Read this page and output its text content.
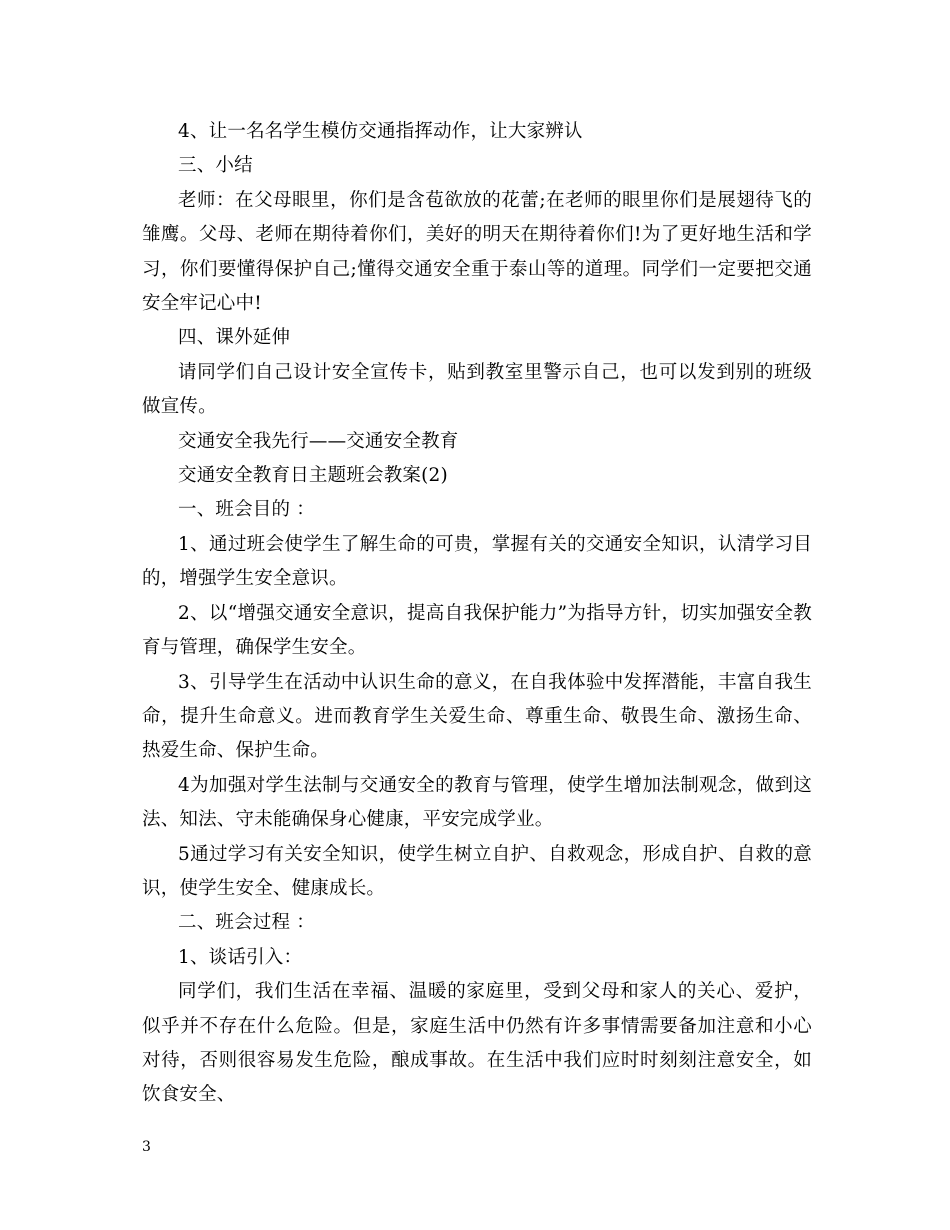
4、让一名名学生模仿交通指挥动作，让大家辨认

三、小结

老师：在父母眼里，你们是含苞欲放的花蕾;在老师的眼里你们是展翅待飞的雏鹰。父母、老师在期待着你们，美好的明天在期待着你们!为了更好地生活和学习，你们要懂得保护自己;懂得交通安全重于泰山等的道理。同学们一定要把交通安全牢记心中!

四、课外延伸

请同学们自己设计安全宣传卡，贴到教室里警示自己，也可以发到别的班级做宣传。

交通安全我先行——交通安全教育

交通安全教育日主题班会教案(2)

一、班会目的 ：

1、通过班会使学生了解生命的可贵，掌握有关的交通安全知识，认清学习目的，增强学生安全意识。

2、以“增强交通安全意识，提高自我保护能力”为指导方针，切实加强安全教育与管理，确保学生安全。

3、引导学生在活动中认识生命的意义，在自我体验中发挥潜能，丰富自我生命，提升生命意义。进而教育学生关爱生命、尊重生命、敬畏生命、激扬生命、热爱生命、保护生命。

4为加强对学生法制与交通安全的教育与管理，使学生增加法制观念，做到这法、知法、守未能确保身心健康，平安完成学业。

5通过学习有关安全知识，使学生树立自护、自救观念，形成自护、自救的意识，使学生安全、健康成长。

二、班会过程 ：

1、谈话引入：

同学们，我们生活在幸福、温暖的家庭里，受到父母和家人的关心、爱护，似乎并不存在什么危险。但是，家庭生活中仍然有许多事情需要备加注意和小心对待，否则很容易发生危险，酿成事故。在生活中我们应时时刻刻注意安全，如饮食安全、

3
